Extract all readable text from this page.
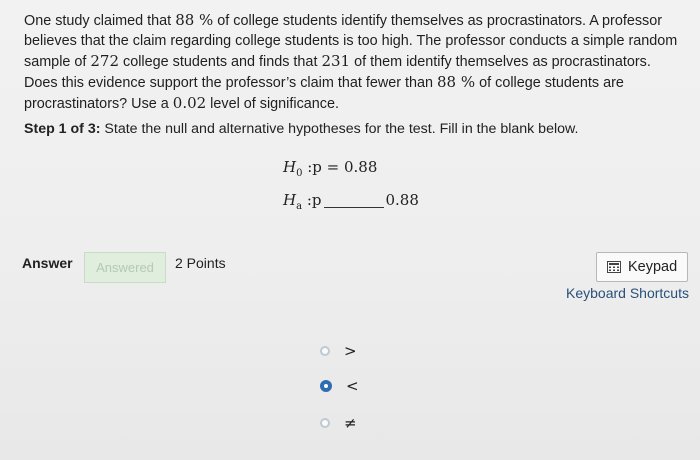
One study claimed that 88 % of college students identify themselves as procrastinators. A professor believes that the claim regarding college students is too high. The professor conducts a simple random sample of 272 college students and finds that 231 of them identify themselves as procrastinators. Does this evidence support the professor’s claim that fewer than 88 % of college students are procrastinators? Use a 0.02 level of significance.
Step 1 of 3: State the null and alternative hypotheses for the test. Fill in the blank below.
$H_0$ :p = 0.88
$H_a$ :p	0.88
Answer	Answered	2 Points	Keypad
Keyboard Shortcuts
>
<
≠
